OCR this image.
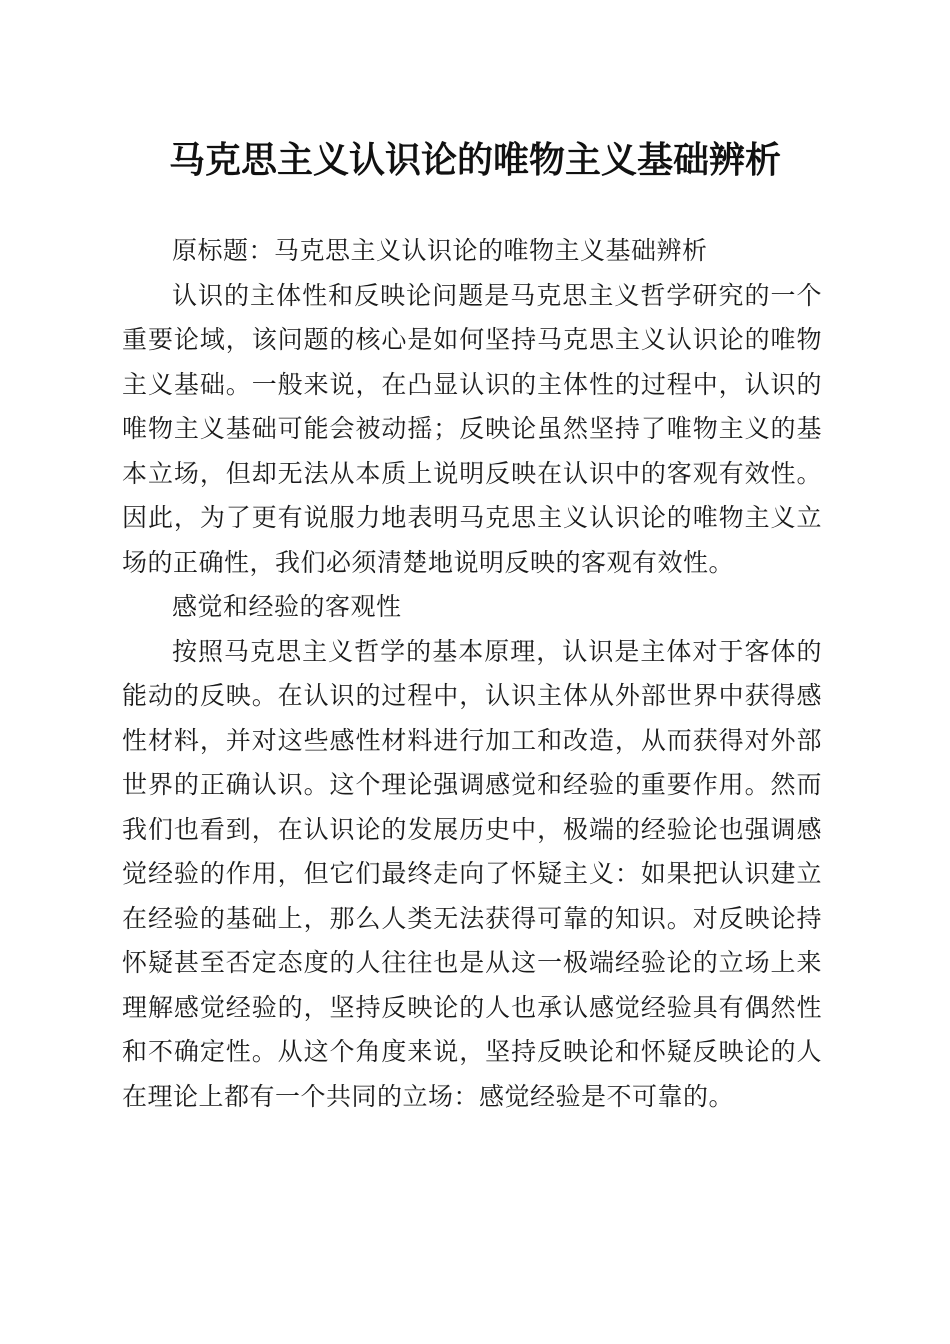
马克思主义认识论的唯物主义基础辨析

原标题：马克思主义认识论的唯物主义基础辨析

认识的主体性和反映论问题是马克思主义哲学研究的一个重要论域，该问题的核心是如何坚持马克思主义认识论的唯物主义基础。一般来说，在凸显认识的主体性的过程中，认识的唯物主义基础可能会被动摇；反映论虽然坚持了唯物主义的基本立场，但却无法从本质上说明反映在认识中的客观有效性。因此，为了更有说服力地表明马克思主义认识论的唯物主义立场的正确性，我们必须清楚地说明反映的客观有效性。

感觉和经验的客观性

按照马克思主义哲学的基本原理，认识是主体对于客体的能动的反映。在认识的过程中，认识主体从外部世界中获得感性材料，并对这些感性材料进行加工和改造，从而获得对外部世界的正确认识。这个理论强调感觉和经验的重要作用。然而我们也看到，在认识论的发展历史中，极端的经验论也强调感觉经验的作用，但它们最终走向了怀疑主义：如果把认识建立在经验的基础上，那么人类无法获得可靠的知识。对反映论持怀疑甚至否定态度的人往往也是从这一极端经验论的立场上来理解感觉经验的，坚持反映论的人也承认感觉经验具有偶然性和不确定性。从这个角度来说，坚持反映论和怀疑反映论的人在理论上都有一个共同的立场：感觉经验是不可靠的。
